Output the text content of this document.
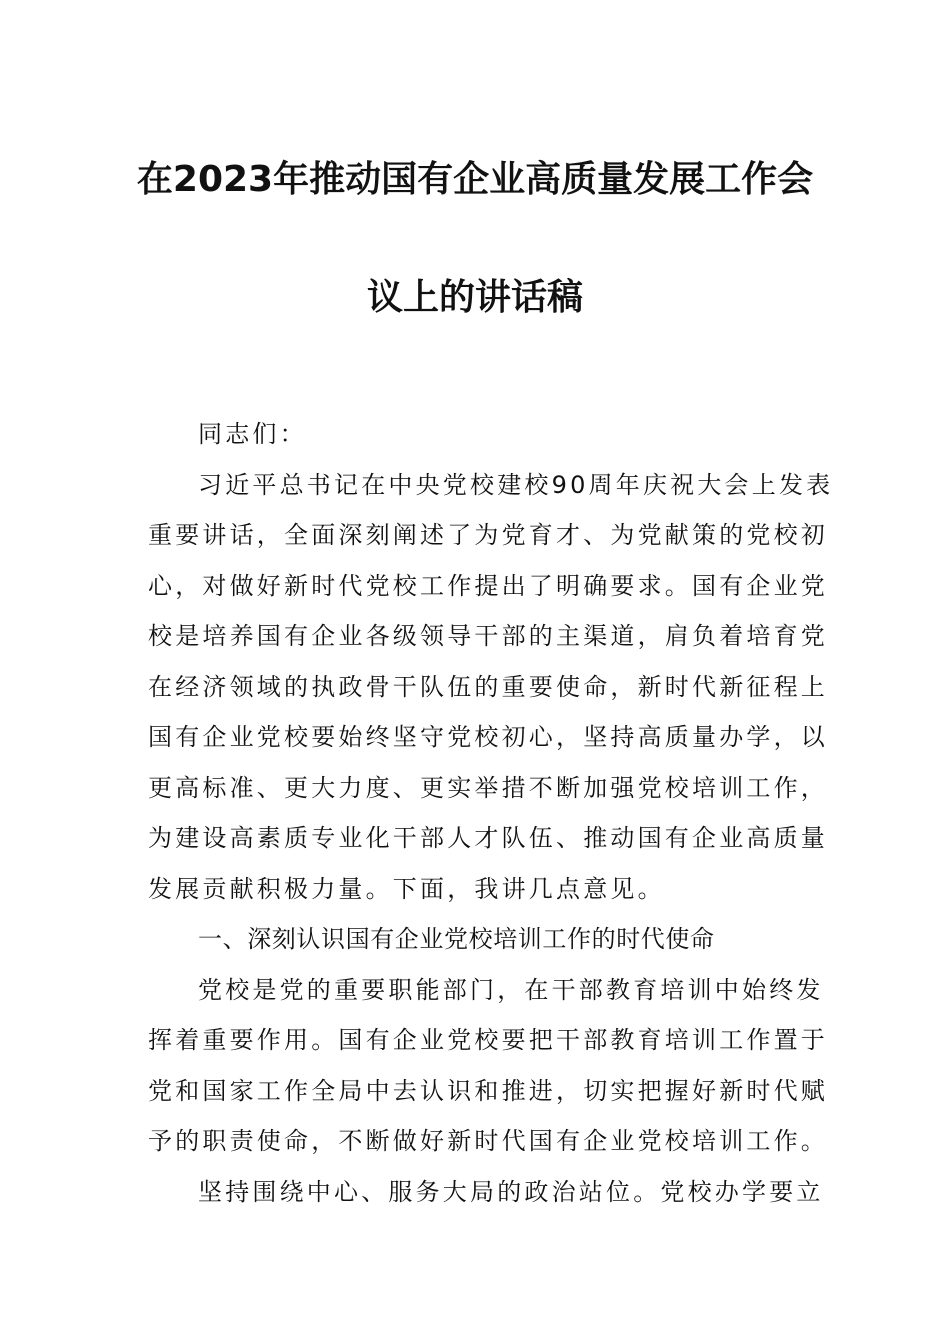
在2023年推动国有企业高质量发展工作会
议上的讲话稿
同志们：
习近平总书记在中央党校建校90周年庆祝大会上发表
重要讲话，全面深刻阐述了为党育才、为党献策的党校初
心，对做好新时代党校工作提出了明确要求。国有企业党
校是培养国有企业各级领导干部的主渠道，肩负着培育党
在经济领域的执政骨干队伍的重要使命，新时代新征程上
国有企业党校要始终坚守党校初心，坚持高质量办学，以
更高标准、更大力度、更实举措不断加强党校培训工作，
为建设高素质专业化干部人才队伍、推动国有企业高质量
发展贡献积极力量。下面，我讲几点意见。
一、深刻认识国有企业党校培训工作的时代使命
党校是党的重要职能部门，在干部教育培训中始终发
挥着重要作用。国有企业党校要把干部教育培训工作置于
党和国家工作全局中去认识和推进，切实把握好新时代赋
予的职责使命，不断做好新时代国有企业党校培训工作。
坚持围绕中心、服务大局的政治站位。党校办学要立
